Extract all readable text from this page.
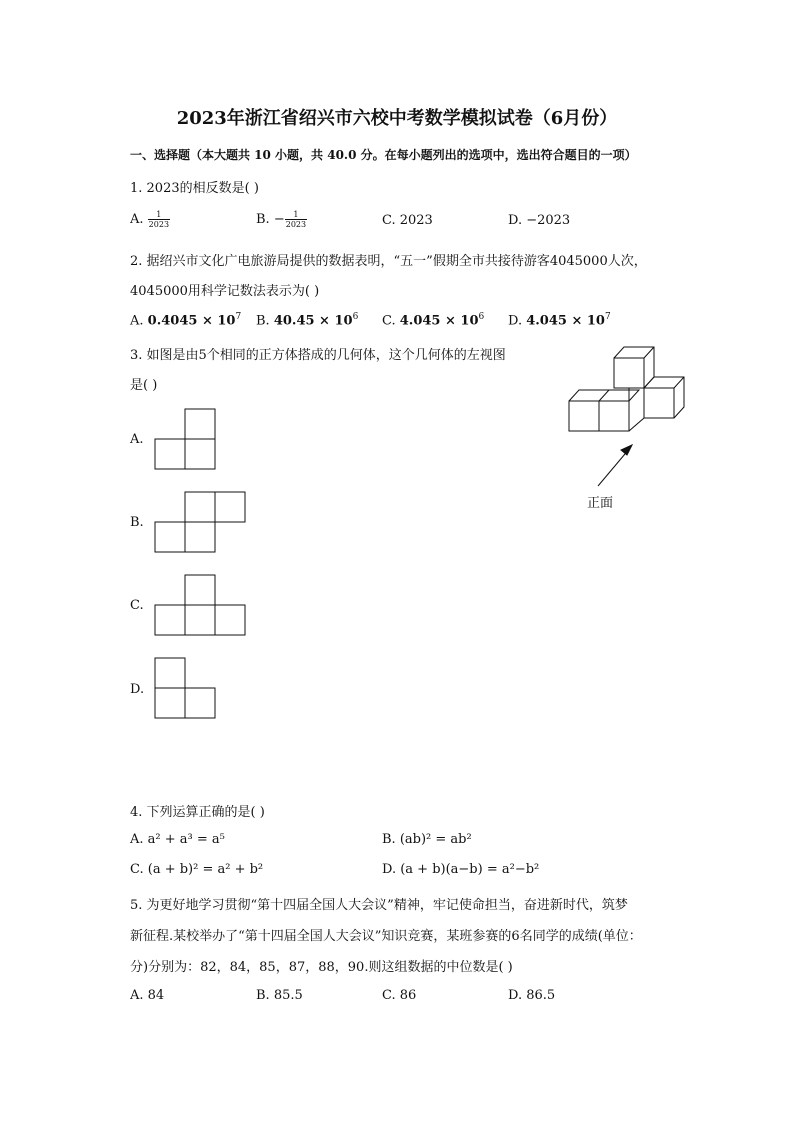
2023年浙江省绍兴市六校中考数学模拟试卷（6月份）
一、选择题（本大题共 10 小题，共 40.0 分。在每小题列出的选项中，选出符合题目的一项）
1. 2023的相反数是( )
A. $\frac{1}{2023}$	B. − $\frac{1}{2023}$	C. 2023	D. −2023
2. 据绍兴市文化广电旅游局提供的数据表明，“五一”假期全市共接待游客4045000人次，
4045000用科学记数法表示为( )
A. $0.4045 \times 10^7$ B. $40.45 \times 10^6$ C. $4.045 \times 10^6$ D. $4.045 \times 10^7$
3. 如图是由5个相同的正方体搭成的几何体，这个几何体的左视图
是( )
正面
A.
B.
C.
D.
4. 下列运算正确的是( )
A. a² + a³ = a⁵	B. (ab)² = ab²
C. (a + b)² = a² + b²	D. (a + b)(a−b) = a²−b²
5. 为更好地学习贯彻“第十四届全国人大会议”精神，牢记使命担当，奋进新时代，筑梦
新征程.某校举办了“第十四届全国人大会议”知识竞赛，某班参赛的6名同学的成绩(单位：
分)分别为：82，84，85，87，88，90.则这组数据的中位数是( )
A. 84	B. 85.5	C. 86	D. 86.5
